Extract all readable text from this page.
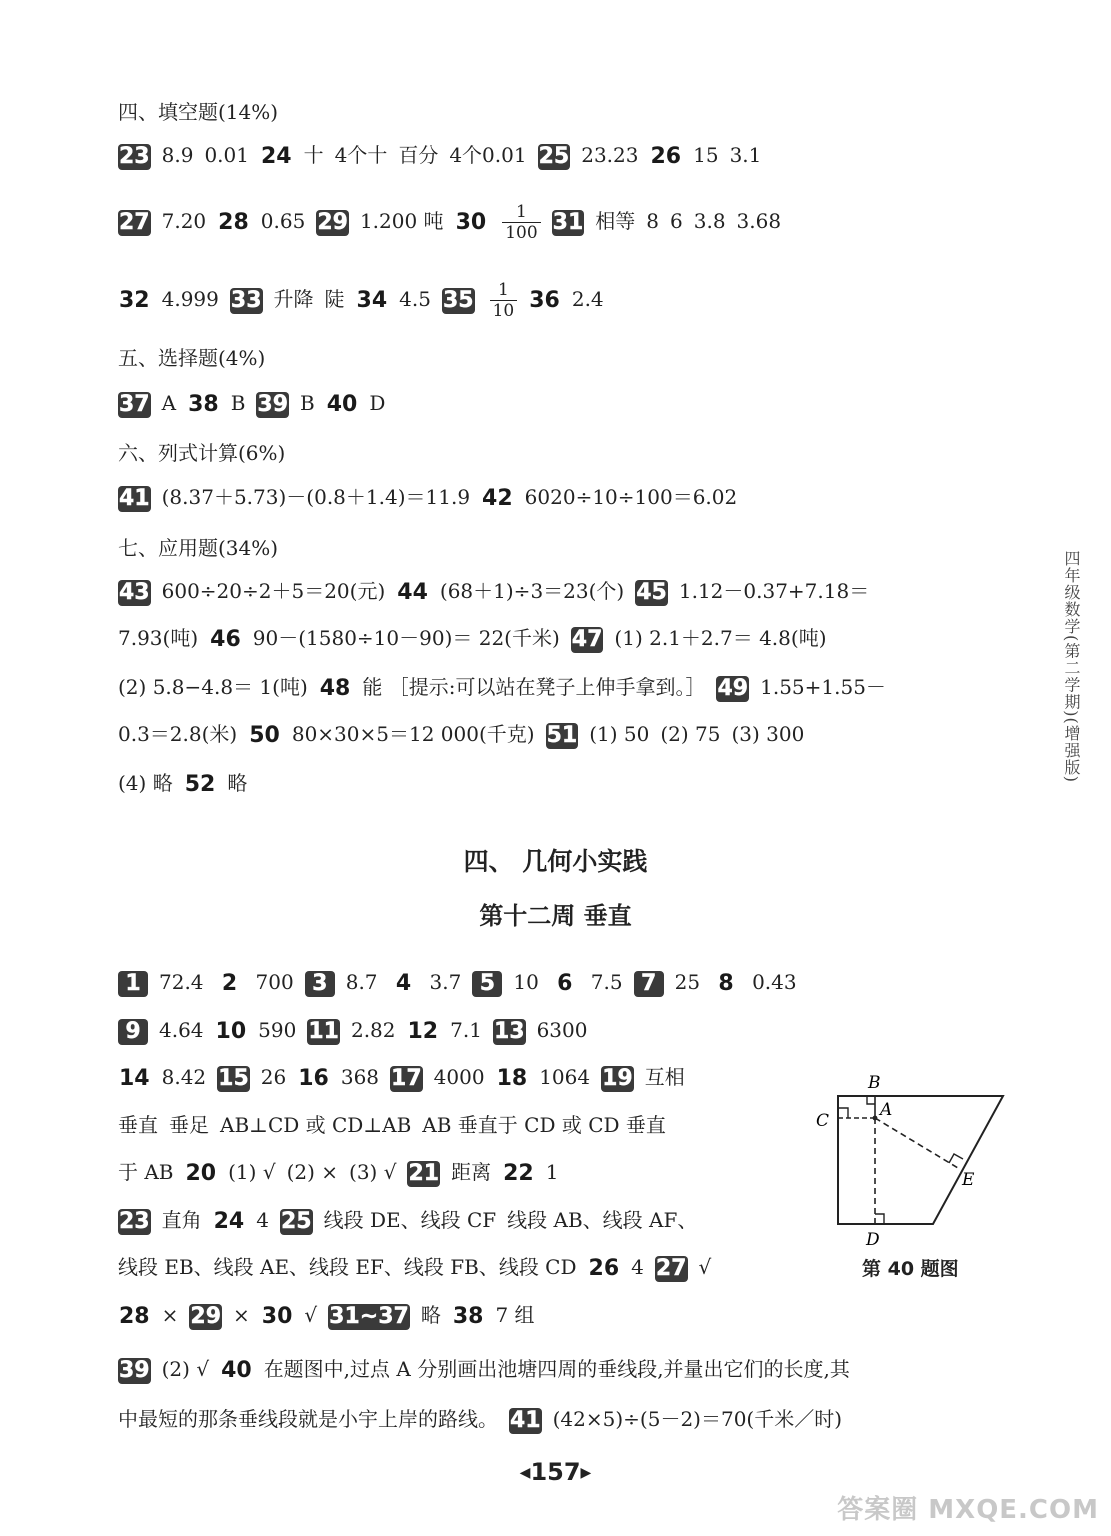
四、填空题(14%)
23 8.9 0.01 24 十 4个十 百分 4个0.01 25 23.23 26 15 3.1
27 7.20 28 0.65 29 1.200 吨 $30 \frac{1}{100} 31$ 相等 8 6 3.8 3.68
32 4.999 33 升降 陡 34 4.5 $35 \frac{1}{10} 36$ 2.4
五、选择题(4%)
37 A 38 B 39 B 40 D
六、列式计算(6%)
41 (8.37＋5.73)－(0.8＋1.4)＝11.9 42 6020÷10÷100＝6.02
七、应用题(34%)
43 600÷20÷2＋5＝20(元) 44 (68＋1)÷3＝23(个) 45 1.12－0.37+7.18＝
7.93(吨) 46 90－(1580÷10－90)＝ 22(千米) 47 (1) 2.1＋2.7＝ 4.8(吨)
(2) 5.8−4.8＝ 1(吨) 48 能 ［提示:可以站在凳子上伸手拿到。］ 49 1.55+1.55－
0.3＝2.8(米) 50 80×30×5＝12 000(千克) 51 (1) 50 (2) 75 (3) 300
(4) 略 52 略
四、 几何小实践
第十二周 垂直
1 72.4 2 700 3 8.7 4 3.7 5 10 6 7.5 7 25 8 0.43
9 4.64 10 590 11 2.82 12 7.1 13 6300
14 8.42 15 26 16 368 17 4000 18 1064 19 互相
垂直 垂足 AB⊥CD 或 CD⊥AB AB 垂直于 CD 或 CD 垂直
于 AB 20 (1) √ (2) × (3) √ 21 距离 22 1
23 直角 24 4 25 线段 DE、线段 CF 线段 AB、线段 AF、
线段 EB、线段 AE、线段 EF、线段 FB、线段 CD 26 4 27 √
28 × 29 × 30 √ 31~37 略 38 7 组
39 (2) √ 40 在题图中,过点 A 分别画出池塘四周的垂线段,并量出它们的长度,其
中最短的那条垂线段就是小宇上岸的路线。 41 (42×5)÷(5－2)＝70(千米／时)
B
A
C
E
D
第 40 题图
四年级数学(第二学期)(增强版)
◀157▶
答案圈 MXQE.COM
